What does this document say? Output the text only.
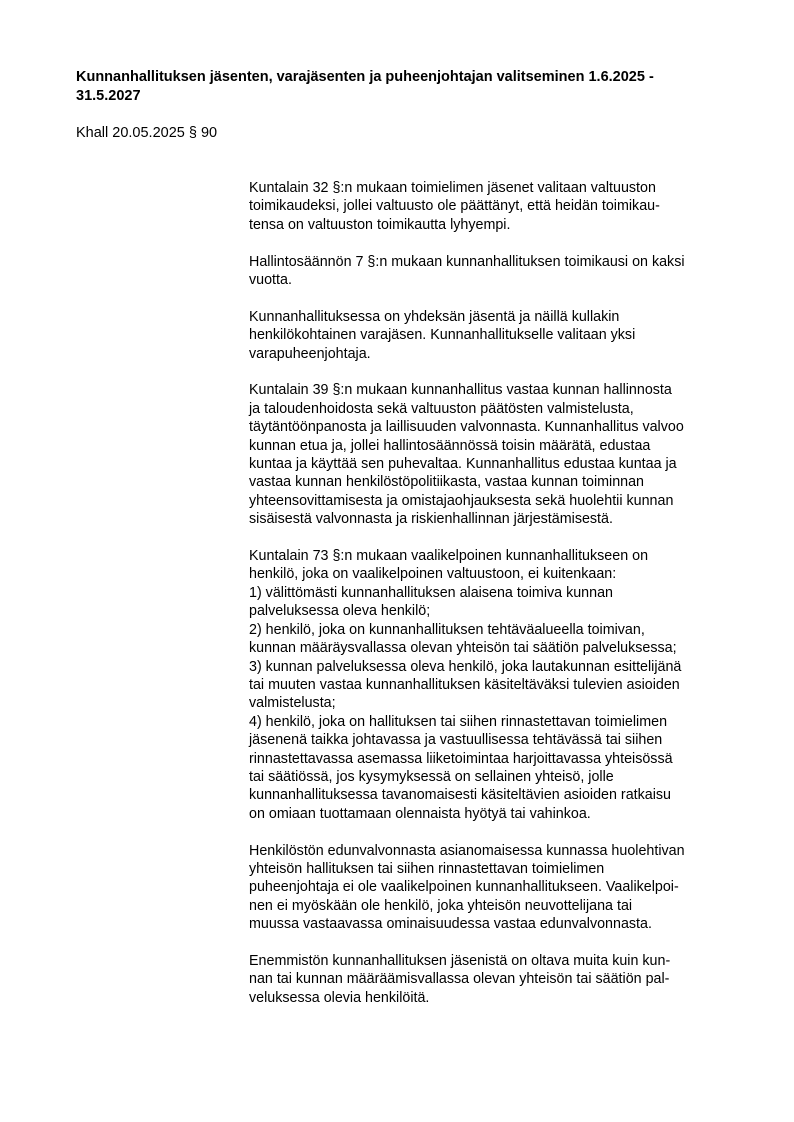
Kunnanhallituksen jäsenten, varajäsenten ja puheenjohtajan valitseminen 1.6.2025 -
31.5.2027

Khall 20.05.2025 § 90

Kuntalain 32 §:n mukaan toimielimen jäsenet valitaan valtuuston
toimikaudeksi, jollei valtuusto ole päättänyt, että heidän toimikau-
tensa on valtuuston toimikautta lyhyempi.

Hallintosäännön 7 §:n mukaan kunnanhallituksen toimikausi on kaksi
vuotta.

Kunnanhallituksessa on yhdeksän jäsentä ja näillä kullakin
henkilökohtainen varajäsen. Kunnanhallitukselle valitaan yksi
varapuheenjohtaja.

Kuntalain 39 §:n mukaan kunnanhallitus vastaa kunnan hallinnosta
ja taloudenhoidosta sekä valtuuston päätösten valmistelusta,
täytäntöönpanosta ja laillisuuden valvonnasta. Kunnanhallitus valvoo
kunnan etua ja, jollei hallintosäännössä toisin määrätä, edustaa
kuntaa ja käyttää sen puhevaltaa. Kunnanhallitus edustaa kuntaa ja
vastaa kunnan henkilöstöpolitiikasta, vastaa kunnan toiminnan
yhteensovittamisesta ja omistajaohjauksesta sekä huolehtii kunnan
sisäisestä valvonnasta ja riskienhallinnan järjestämisestä.

Kuntalain 73 §:n mukaan vaalikelpoinen kunnanhallitukseen on
henkilö, joka on vaalikelpoinen valtuustoon, ei kuitenkaan:
1) välittömästi kunnanhallituksen alaisena toimiva kunnan
palveluksessa oleva henkilö;
2) henkilö, joka on kunnanhallituksen tehtäväalueella toimivan,
kunnan määräysvallassa olevan yhteisön tai säätiön palveluksessa;
3) kunnan palveluksessa oleva henkilö, joka lautakunnan esittelijänä
tai muuten vastaa kunnanhallituksen käsiteltäväksi tulevien asioiden
valmistelusta;
4) henkilö, joka on hallituksen tai siihen rinnastettavan toimielimen
jäsenenä taikka johtavassa ja vastuullisessa tehtävässä tai siihen
rinnastettavassa asemassa liiketoimintaa harjoittavassa yhteisössä
tai säätiössä, jos kysymyksessä on sellainen yhteisö, jolle
kunnanhallituksessa tavanomaisesti käsiteltävien asioiden ratkaisu
on omiaan tuottamaan olennaista hyötyä tai vahinkoa.

Henkilöstön edunvalvonnasta asianomaisessa kunnassa huolehtivan
yhteisön hallituksen tai siihen rinnastettavan toimielimen
puheenjohtaja ei ole vaalikelpoinen kunnanhallitukseen. Vaalikelpoi-
nen ei myöskään ole henkilö, joka yhteisön neuvottelijana tai
muussa vastaavassa ominaisuudessa vastaa edunvalvonnasta.

Enemmistön kunnanhallituksen jäsenistä on oltava muita kuin kun-
nan tai kunnan määräämisvallassa olevan yhteisön tai säätiön pal-
veluksessa olevia henkilöitä.
